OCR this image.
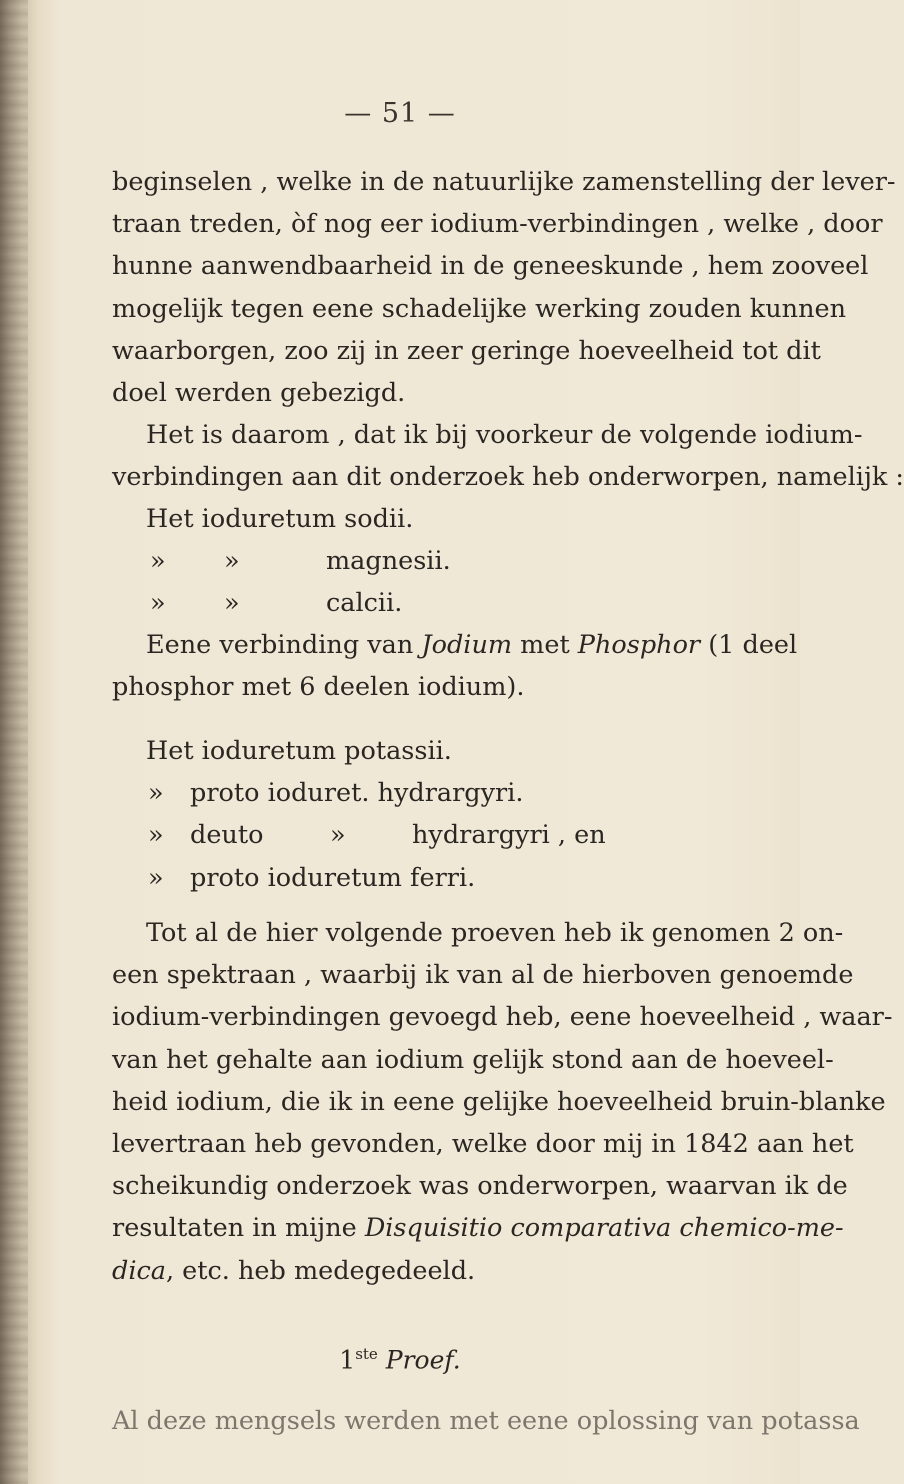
— 51 —
beginselen , welke in de natuurlijke zamenstelling der lever-
traan treden, òf nog eer iodium-verbindingen , welke , door
hunne aanwendbaarheid in de geneeskunde , hem zooveel
mogelijk tegen eene schadelijke werking zouden kunnen
waarborgen, zoo zij in zeer geringe hoeveelheid tot dit
doel werden gebezigd.
Het is daarom , dat ik bij voorkeur de volgende iodium-
verbindingen aan dit onderzoek heb onderworpen, namelijk :
Het ioduretum sodii.
» »	magnesii.
» »	calcii.
Eene verbinding van Jodium met Phosphor (1 deel
phosphor met 6 deelen iodium).
Het ioduretum potassii.
» proto ioduret. hydrargyri.
» deuto	»	hydrargyri , en
» proto ioduretum ferri.
Tot al de hier volgende proeven heb ik genomen 2 on-
een spektraan , waarbij ik van al de hierboven genoemde
iodium-verbindingen gevoegd heb, eene hoeveelheid , waar-
van het gehalte aan iodium gelijk stond aan de hoeveel-
heid iodium, die ik in eene gelijke hoeveelheid bruin-blanke
levertraan heb gevonden, welke door mij in 1842 aan het
scheikundig onderzoek was onderworpen, waarvan ik de
resultaten in mijne Disquisitio comparativa chemico-me-
dica, etc. heb medegedeeld.
1ste Proef.
Al deze mengsels werden met eene oplossing van potassa
